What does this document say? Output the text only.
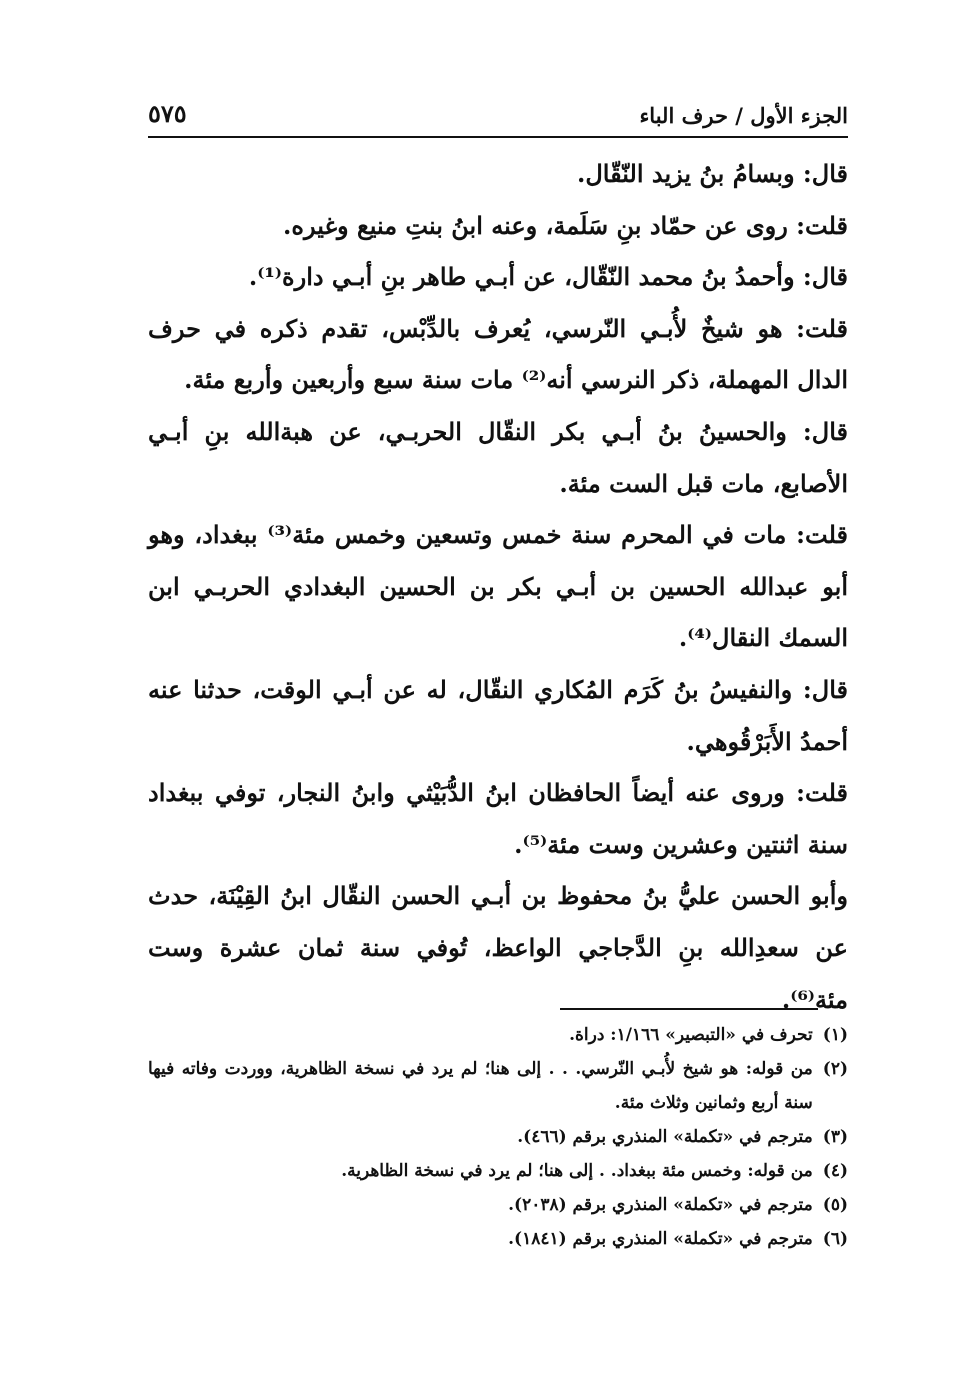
الجزء الأول / حرف الباء
٥٧٥

قال: وبسامُ بنُ يزيد النّقّال.

قلت: روى عن حمّاد بنِ سَلَمة، وعنه ابنُ بنتِ منيع وغيره.

قال: وأحمدُ بنُ محمد النّقّال، عن أبـي طاهر بنِ أبـي دارة⁽¹⁾.

قلت: هو شيخٌ لأُبـي النّرسي، يُعرف بالدِّبْس، تقدم ذكره في حرف الدال المهملة، ذكر النرسي أنه⁽²⁾ مات سنة سبع وأربعين وأربع مئة.

قال: والحسينُ بنُ أبـي بكر النقّال الحربـي، عن هبةالله بنِ أبـي الأصابع، مات قبل الست مئة.

قلت: مات في المحرم سنة خمس وتسعين وخمس مئة⁽³⁾ ببغداد، وهو أبو عبدالله الحسين بن أبـي بكر بن الحسين البغدادي الحربـي ابن السمك النقال⁽⁴⁾.

قال: والنفيسُ بنُ كَرَم المُكاري النقّال، له عن أبـي الوقت، حدثنا عنه أحمدُ الأَبَرْقُوهي.

قلت: وروى عنه أيضاً الحافظان ابنُ الدُّبَيْثي وابنُ النجار، توفي ببغداد سنة اثنتين وعشرين وست مئة⁽⁵⁾.

وأبو الحسن عليُّ بنُ محفوظ بن أبـي الحسن النقّال ابنُ القِيْنَة، حدث عن سعدِالله بنِ الدَّجاجي الواعظ، تُوفي سنة ثمان عشرة وست مئة⁽⁶⁾.

(١)
تحرف في «التبصير» ١/١٦٦: دراة.

(٢)
من قوله: هو شيخ لأُبـي النّرسي. . . إلى هنا؛ لم يرد في نسخة الظاهرية، ووردت وفاته فيها سنة أربع وثمانين وثلاث مئة.

(٣)
مترجم في «تكملة» المنذري برقم (٤٦٦).

(٤)
من قوله: وخمس مئة ببغداد. . إلى هنا؛ لم يرد في نسخة الظاهرية.

(٥)
مترجم في «تكملة» المنذري برقم (٢٠٣٨).

(٦)
مترجم في «تكملة» المنذري برقم (١٨٤١).
